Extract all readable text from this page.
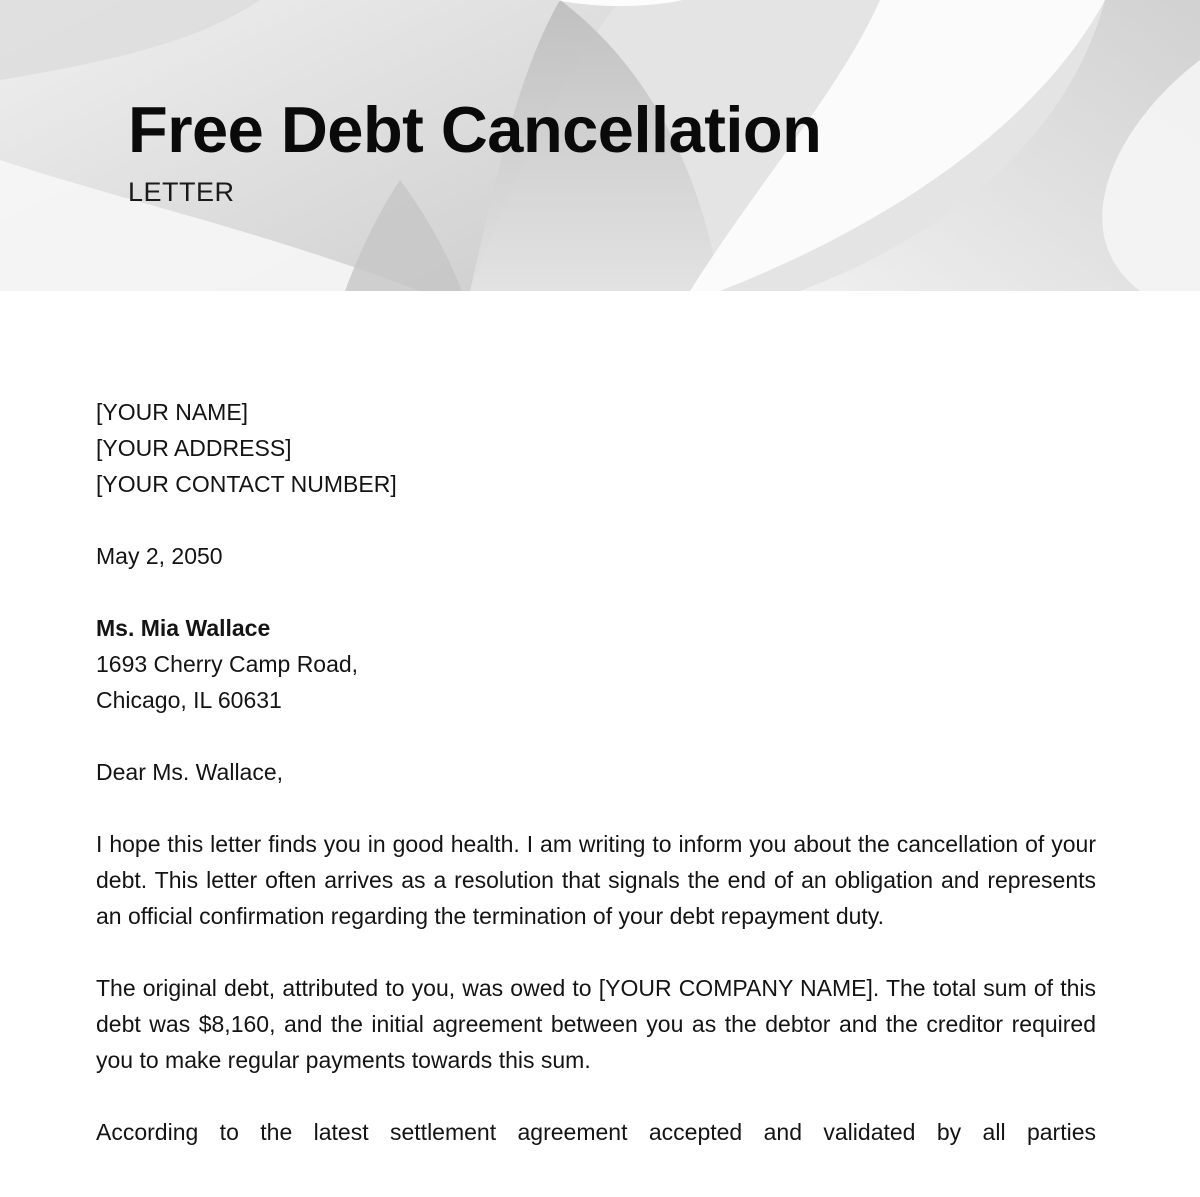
Free Debt Cancellation
LETTER

[YOUR NAME]
[YOUR ADDRESS]
[YOUR CONTACT NUMBER]

May 2, 2050

Ms. Mia Wallace
1693 Cherry Camp Road,
Chicago, IL 60631

Dear Ms. Wallace,

I hope this letter finds you in good health. I am writing to inform you about the cancellation of your debt. This letter often arrives as a resolution that signals the end of an obligation and represents an official confirmation regarding the termination of your debt repayment duty.

The original debt, attributed to you, was owed to [YOUR COMPANY NAME]. The total sum of this debt was $8,160, and the initial agreement between you as the debtor and the creditor required you to make regular payments towards this sum.

According to the latest settlement agreement accepted and validated by all parties
